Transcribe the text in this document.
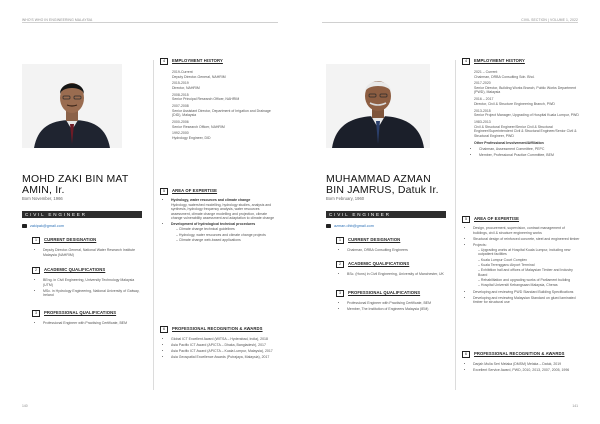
WHO'S WHO IN ENGINEERING MALAYSIA
MOHD ZAKI BIN MAT AMIN, Ir.
Born November, 1966
CIVIL ENGINEER
zakipak@gmail.com
1	CURRENT DESIGNATION
• Deputy Director-General, National Water Research Institute Malaysia (NAHRIM)
2	ACADEMIC QUALIFICATIONS
• BEng. in Civil Engineering, University Technology Malaysia (UTM)
• MSc. in Hydrology Engineering, National University of Galway, Ireland
3	PROFESSIONAL QUALIFICATIONS
• Professional Engineer with Practising Certificate, BEM
4	EMPLOYMENT HISTORY

2019-Current
Deputy Director-General, NAHRIM

2015-2019
Director, NAHRIM

2008-2015
Senior Principal Research Officer, NAHRIM

2007-2008
Senior Assistant Director, Department of Irrigation and Drainage (DID), Malaysia

2000-2006
Senior Research Officer, NAHRIM

1992-2000
Hydrology Engineer, DID

5	AREA OF EXPERTISE
• Hydrology, water resources and climate change
Hydrology, watershed modelling, hydrology studies, analysis and synthesis, hydrology frequency analysis, water resources assessment, climate change modelling and projection, climate change vulnerability assessment and adaptation to climate change
• Development of hydrological technical procedures
– Climate change technical guidelines
– Hydrology, water resources and climate change projects
– Climate change web-based applications
6	PROFESSIONAL RECOGNITION & AWARDS
• Global ICT Excellent Award (WITSA – Hyderabad, India), 2018
• Asia Pacific ICT Award (APICTA – Dhaka, Bangladesh), 2017
• Asia Pacific ICT Award (APICTA – Kuala Lumpur, Malaysia), 2017
• Asia Geospatial Excellence Awards (Putrajaya, Malaysia), 2017
140
CIVIL SECTION | VOLUME 1, 2022
MUHAMMAD AZMAN BIN JAMRUS, Datuk Ir.
Born February, 1960
CIVIL ENGINEER
azman.dhb@gmail.com
1	CURRENT DESIGNATION
• Chairman, DRBA Consulting Engineers
2	ACADEMIC QUALIFICATIONS
• BSc. (Hons) in Civil Engineering, University of Manchester, UK
3	PROFESSIONAL QUALIFICATIONS
• Professional Engineer with Practising Certificate, BEM
• Member, The Institution of Engineers Malaysia (IEM)
4	EMPLOYMENT HISTORY

2021 – Current
Chairman, DRBA Consulting Sdn. Bhd.

2017-2020
Senior Director, Building Works Branch, Public Works Department (PWD), Malaysia

2016 – 2017
Director, Civil & Structure Engineering Branch, PWD

2013-2015
Senior Project Manager, Upgrading of Hospital Kuala Lumpur, PWD

1983-2013
Civil & Structural Engineer/Senior Civil & Structural Engineer/Superintendent Civil & Structural Engineer/Senior Civil & Structural Engineer, PWD

Other Professional Involvement/Affiliation

• Chairman, Assessment Committee, PEPC
• Member, Professional Practice Committee, BEM
5	AREA OF EXPERTISE
• Design, procurement, supervision, contract management of buildings, civil & structure engineering works
• Structural design of reinforced concrete, steel and engineered timber
• Projects:
– Upgrading works at Hospital Kuala Lumpur, including new outpatient facilities
– Kuala Lumpur Court Complex
– Kuala Terengganu Airport Terminal
– Exhibition hall and offices of Malaysian Timber and Industry Board
– Rehabilitation and upgrading works of Parliament building
– Hospital Universiti Kebangsaan Malaysia, Cheras
• Developing and reviewing PWD Standard Building Specifications
• Developing and reviewing Malaysian Standard on glued laminated timber for structural use
6	PROFESSIONAL RECOGNITION & AWARDS
• Darjah Mulia Seri Melaka (DMSM) Melaka – Datuk, 2019
• Excellent Service Award, PWD, 2010, 2013, 2007, 2005, 1996
141
